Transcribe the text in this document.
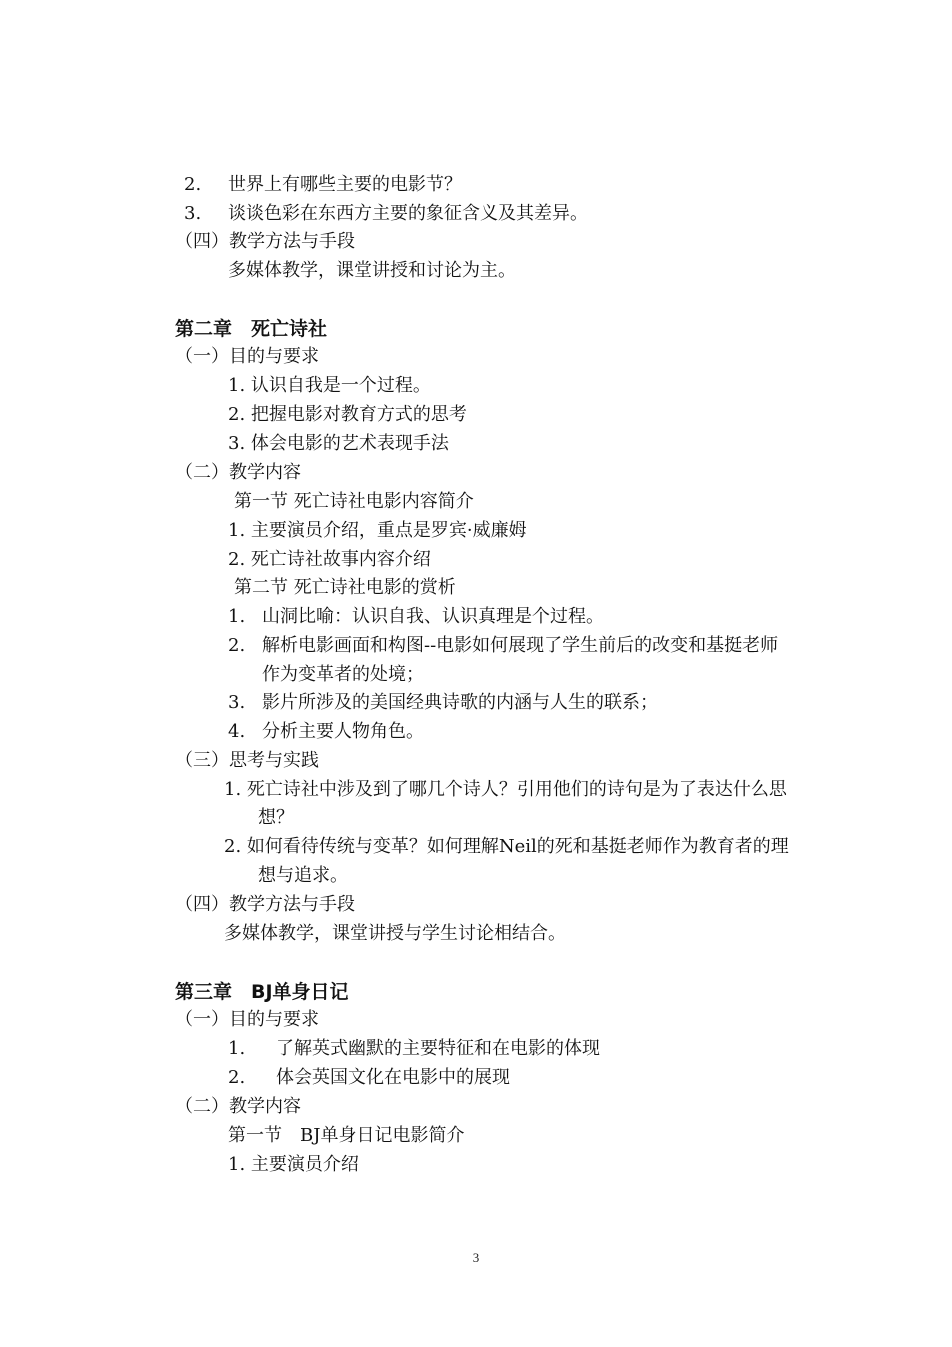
2. 世界上有哪些主要的电影节？
3. 谈谈色彩在东西方主要的象征含义及其差异。
（四）教学方法与手段
多媒体教学，课堂讲授和讨论为主。
第二章　死亡诗社
（一）目的与要求
1. 认识自我是一个过程。
2. 把握电影对教育方式的思考
3. 体会电影的艺术表现手法
（二）教学内容
第一节 死亡诗社电影内容简介
1. 主要演员介绍，重点是罗宾·威廉姆
2. 死亡诗社故事内容介绍
第二节 死亡诗社电影的赏析
1. 山洞比喻：认识自我、认识真理是个过程。
2. 解析电影画面和构图--电影如何展现了学生前后的改变和基挺老师
作为变革者的处境；
3. 影片所涉及的美国经典诗歌的内涵与人生的联系；
4. 分析主要人物角色。
（三）思考与实践
1. 死亡诗社中涉及到了哪几个诗人？引用他们的诗句是为了表达什么思
想？
2. 如何看待传统与变革？如何理解Neil的死和基挺老师作为教育者的理
想与追求。
（四）教学方法与手段
多媒体教学，课堂讲授与学生讨论相结合。
第三章　BJ单身日记
（一）目的与要求
1. 了解英式幽默的主要特征和在电影的体现
2. 体会英国文化在电影中的展现
（二）教学内容
第一节　BJ单身日记电影简介
1. 主要演员介绍
3
